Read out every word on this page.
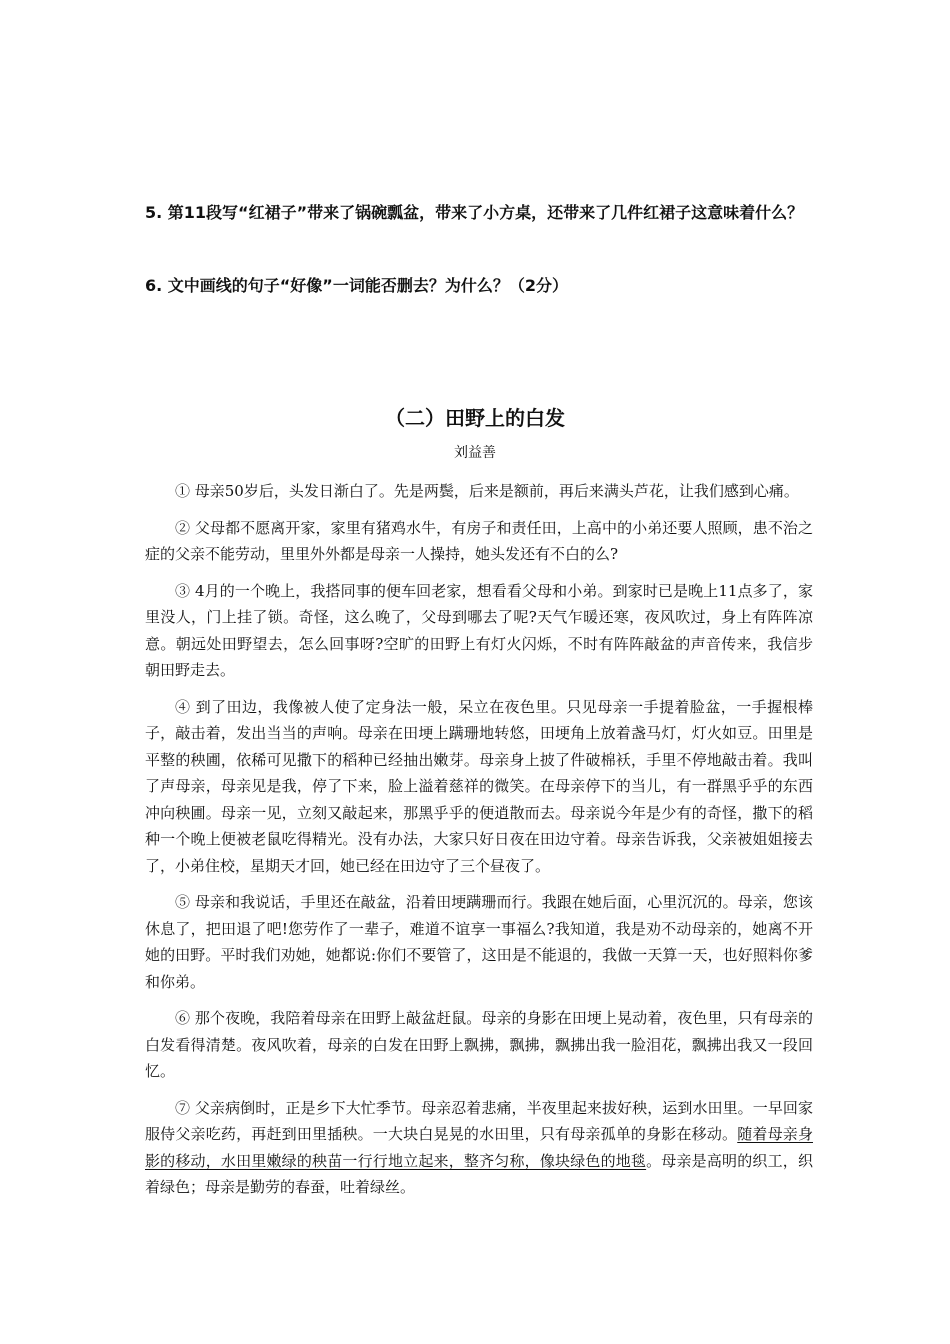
5. 第11段写“红裙子”带来了锅碗瓢盆，带来了小方桌，还带来了几件红裙子这意味着什么？

6. 文中画线的句子“好像”一词能否删去？为什么？（2分）

（二）田野上的白发
刘益善

① 母亲50岁后，头发日渐白了。先是两鬓，后来是额前，再后来满头芦花，让我们感到心痛。

② 父母都不愿离开家，家里有猪鸡水牛，有房子和责任田，上高中的小弟还要人照顾，患不治之症的父亲不能劳动，里里外外都是母亲一人操持，她头发还有不白的么?

③ 4月的一个晚上，我搭同事的便车回老家，想看看父母和小弟。到家时已是晚上11点多了，家里没人，门上挂了锁。奇怪，这么晚了，父母到哪去了呢?天气乍暖还寒，夜风吹过，身上有阵阵凉意。朝远处田野望去，怎么回事呀?空旷的田野上有灯火闪烁，不时有阵阵敲盆的声音传来，我信步朝田野走去。

④ 到了田边，我像被人使了定身法一般，呆立在夜色里。只见母亲一手提着脸盆，一手握根棒子，敲击着，发出当当的声响。母亲在田埂上蹒珊地转悠，田埂角上放着盏马灯，灯火如豆。田里是平整的秧圃，依稀可见撒下的稻种已经抽出嫩芽。母亲身上披了件破棉袄，手里不停地敲击着。我叫了声母亲，母亲见是我，停了下来，脸上溢着慈祥的微笑。在母亲停下的当儿，有一群黑乎乎的东西冲向秧圃。母亲一见，立刻又敲起来，那黑乎乎的便逍散而去。母亲说今年是少有的奇怪，撒下的稻种一个晚上便被老鼠吃得精光。没有办法，大家只好日夜在田边守着。母亲告诉我，父亲被姐姐接去了，小弟住校，星期天才回，她已经在田边守了三个昼夜了。

⑤ 母亲和我说话，手里还在敲盆，沿着田埂蹒珊而行。我跟在她后面，心里沉沉的。母亲，您该休息了，把田退了吧!您劳作了一辈子，难道不谊享一事福么?我知道，我是劝不动母亲的，她离不开她的田野。平时我们劝她，她都说:你们不要管了，这田是不能退的，我做一天算一天，也好照料你爹和你弟。

⑥ 那个夜晚，我陪着母亲在田野上敲盆赶鼠。母亲的身影在田埂上晃动着，夜色里，只有母亲的白发看得清楚。夜风吹着，母亲的白发在田野上飘拂，飘拂，飘拂出我一脸泪花，飘拂出我又一段回忆。

⑦ 父亲病倒时，正是乡下大忙季节。母亲忍着悲痛，半夜里起来拔好秧，运到水田里。一早回家服侍父亲吃药，再赶到田里插秧。一大块白晃晃的水田里，只有母亲孤单的身影在移动。随着母亲身影的移动，水田里嫩绿的秧苗一行行地立起来，整齐匀称，像块绿色的地毯。母亲是高明的织工，织着绿色；母亲是勤劳的春蚕，吐着绿丝。
